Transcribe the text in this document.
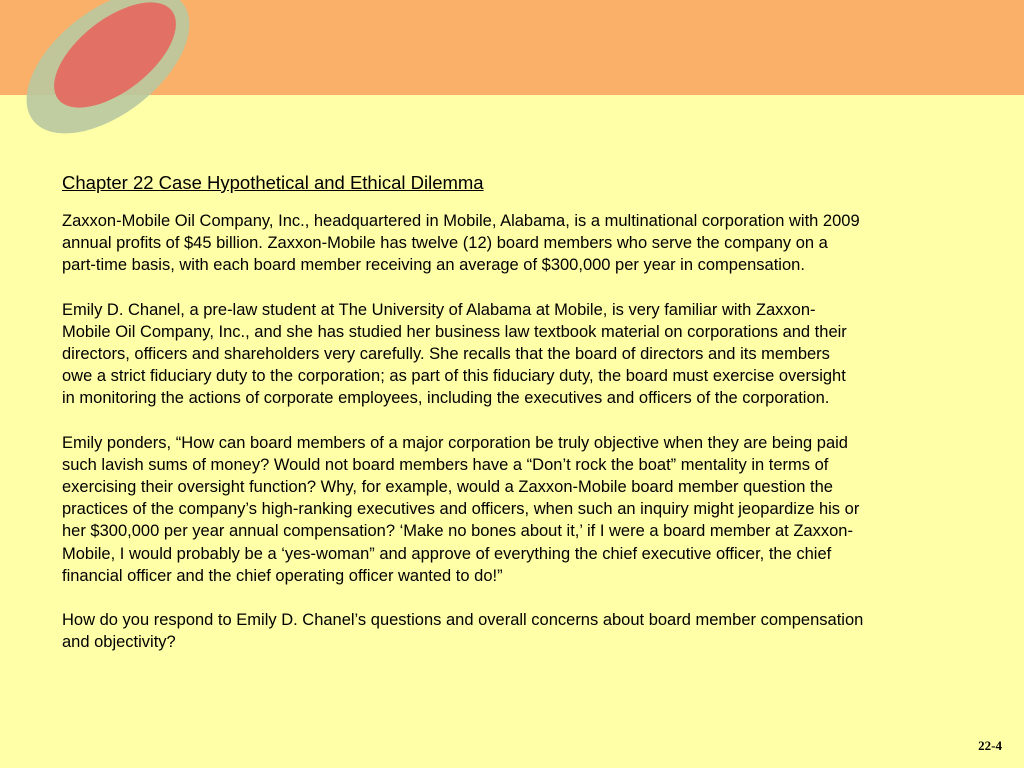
Chapter 22 Case Hypothetical and Ethical Dilemma
Zaxxon-Mobile Oil Company, Inc., headquartered in Mobile, Alabama, is a multinational corporation with 2009
annual profits of $45 billion. Zaxxon-Mobile has twelve (12) board members who serve the company on a
part-time basis, with each board member receiving an average of $300,000 per year in compensation.
Emily D. Chanel, a pre-law student at The University of Alabama at Mobile, is very familiar with Zaxxon-
Mobile Oil Company, Inc., and she has studied her business law textbook material on corporations and their
directors, officers and shareholders very carefully. She recalls that the board of directors and its members
owe a strict fiduciary duty to the corporation; as part of this fiduciary duty, the board must exercise oversight
in monitoring the actions of corporate employees, including the executives and officers of the corporation.
Emily ponders, “How can board members of a major corporation be truly objective when they are being paid
such lavish sums of money? Would not board members have a “Don’t rock the boat” mentality in terms of
exercising their oversight function? Why, for example, would a Zaxxon-Mobile board member question the
practices of the company’s high-ranking executives and officers, when such an inquiry might jeopardize his or
her $300,000 per year annual compensation? ‘Make no bones about it,’ if I were a board member at Zaxxon-
Mobile, I would probably be a ‘yes-woman” and approve of everything the chief executive officer, the chief
financial officer and the chief operating officer wanted to do!”
How do you respond to Emily D. Chanel’s questions and overall concerns about board member compensation
and objectivity?
22-4
